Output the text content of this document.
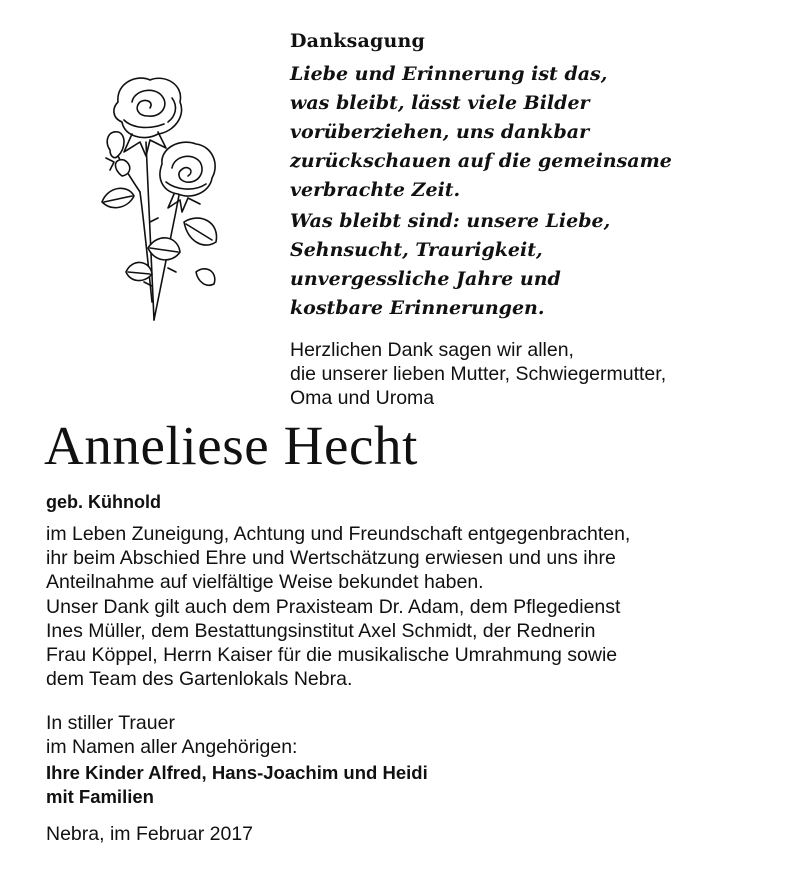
Danksagung
Liebe und Erinnerung ist das,
was bleibt, lässt viele Bilder
vorüberziehen, uns dankbar
zurückschauen auf die gemeinsame
verbrachte Zeit.
Was bleibt sind: unsere Liebe,
Sehnsucht, Traurigkeit,
unvergessliche Jahre und
kostbare Erinnerungen.
Herzlichen Dank sagen wir allen,
die unserer lieben Mutter, Schwiegermutter,
Oma und Uroma
Anneliese Hecht
geb. Kühnold
im Leben Zuneigung, Achtung und Freundschaft entgegenbrachten,
ihr beim Abschied Ehre und Wertschätzung erwiesen und uns ihre
Anteilnahme auf vielfältige Weise bekundet haben.
Unser Dank gilt auch dem Praxisteam Dr. Adam, dem Pflegedienst
Ines Müller, dem Bestattungsinstitut Axel Schmidt, der Rednerin
Frau Köppel, Herrn Kaiser für die musikalische Umrahmung sowie
dem Team des Gartenlokals Nebra.
In stiller Trauer
im Namen aller Angehörigen:
Ihre Kinder Alfred, Hans-Joachim und Heidi
mit Familien
Nebra, im Februar 2017
